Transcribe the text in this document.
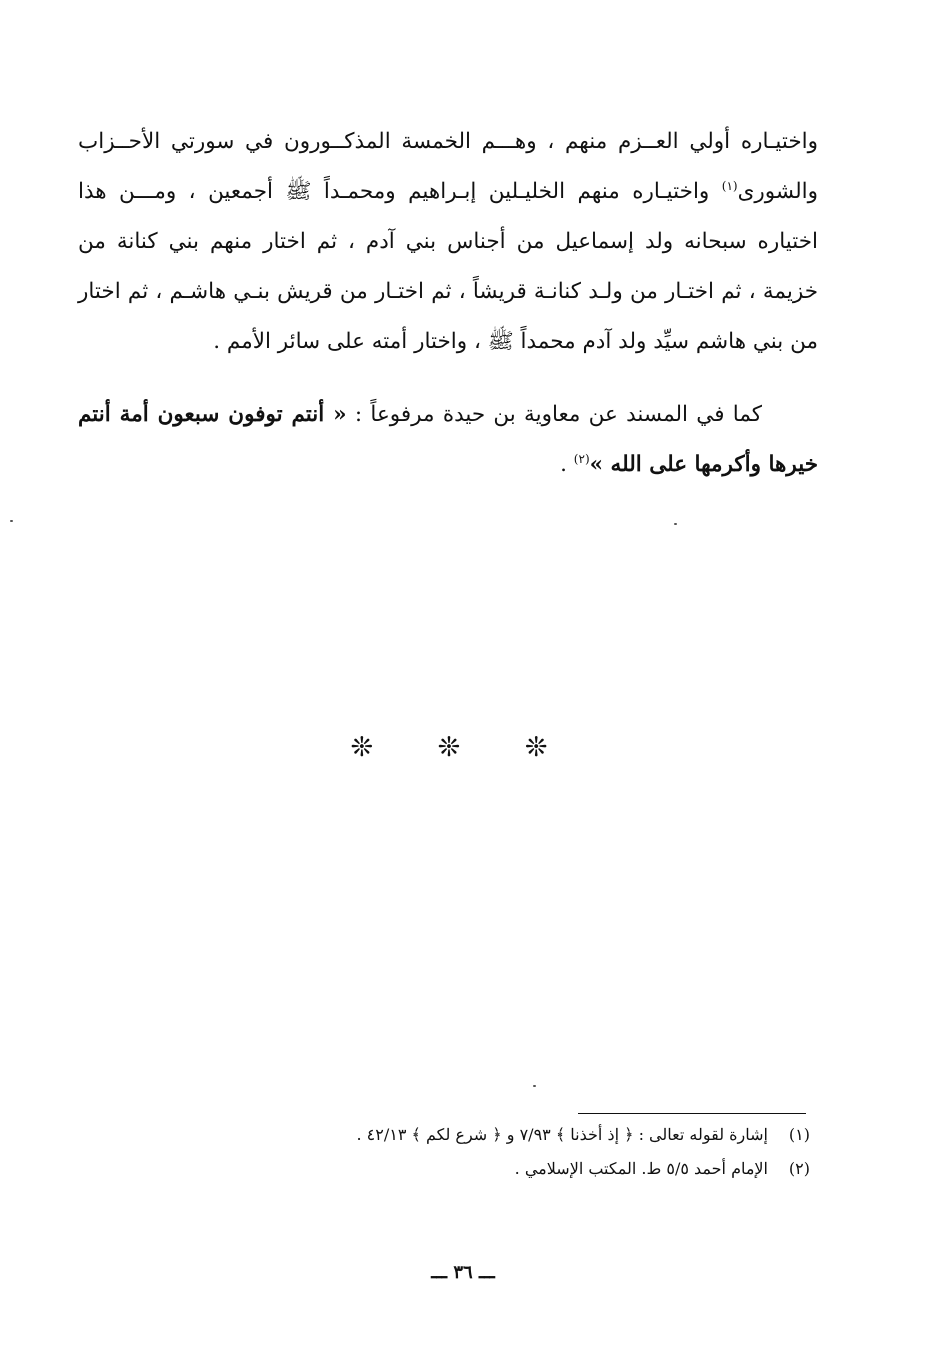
واختيـاره أولي العــزم منهم ، وهـــم الخمسة المذكــورون في سورتي الأحــزاب والشورى$^{(١)}$ واختيـاره منهم الخليـلين إبـراهيم ومحمـداً ﷺ أجمعين ، ومـــن هذا اختياره سبحانه ولد إسماعيل من أجناس بني آدم ، ثم اختار منهم بني كنانة من خزيمة ، ثم اختـار من ولـد كنانـة قريشاً ، ثم اختـار من قريش بنـي هاشـم ، ثم اختار من بني هاشم سيِّد ولد آدم محمداً ﷺ ، واختار أمته على سائر الأمم .
كما في المسند عن معاوية بن حيدة مرفوعاً : « أنتم توفون سبعون أمة أنتم خيرها وأكرمها على الله »$^{(٢)}$ .
❊ ❊ ❊
(١)إشارة لقوله تعالى : ﴿ إذ أخذنا ﴾ ٧/٩٣ و ﴿ شرع لكم ﴾ ٤٢/١٣ .
(٢)الإمام أحمد ٥/٥ ط. المكتب الإسلامي .
ـــ ٣٦ ـــ
